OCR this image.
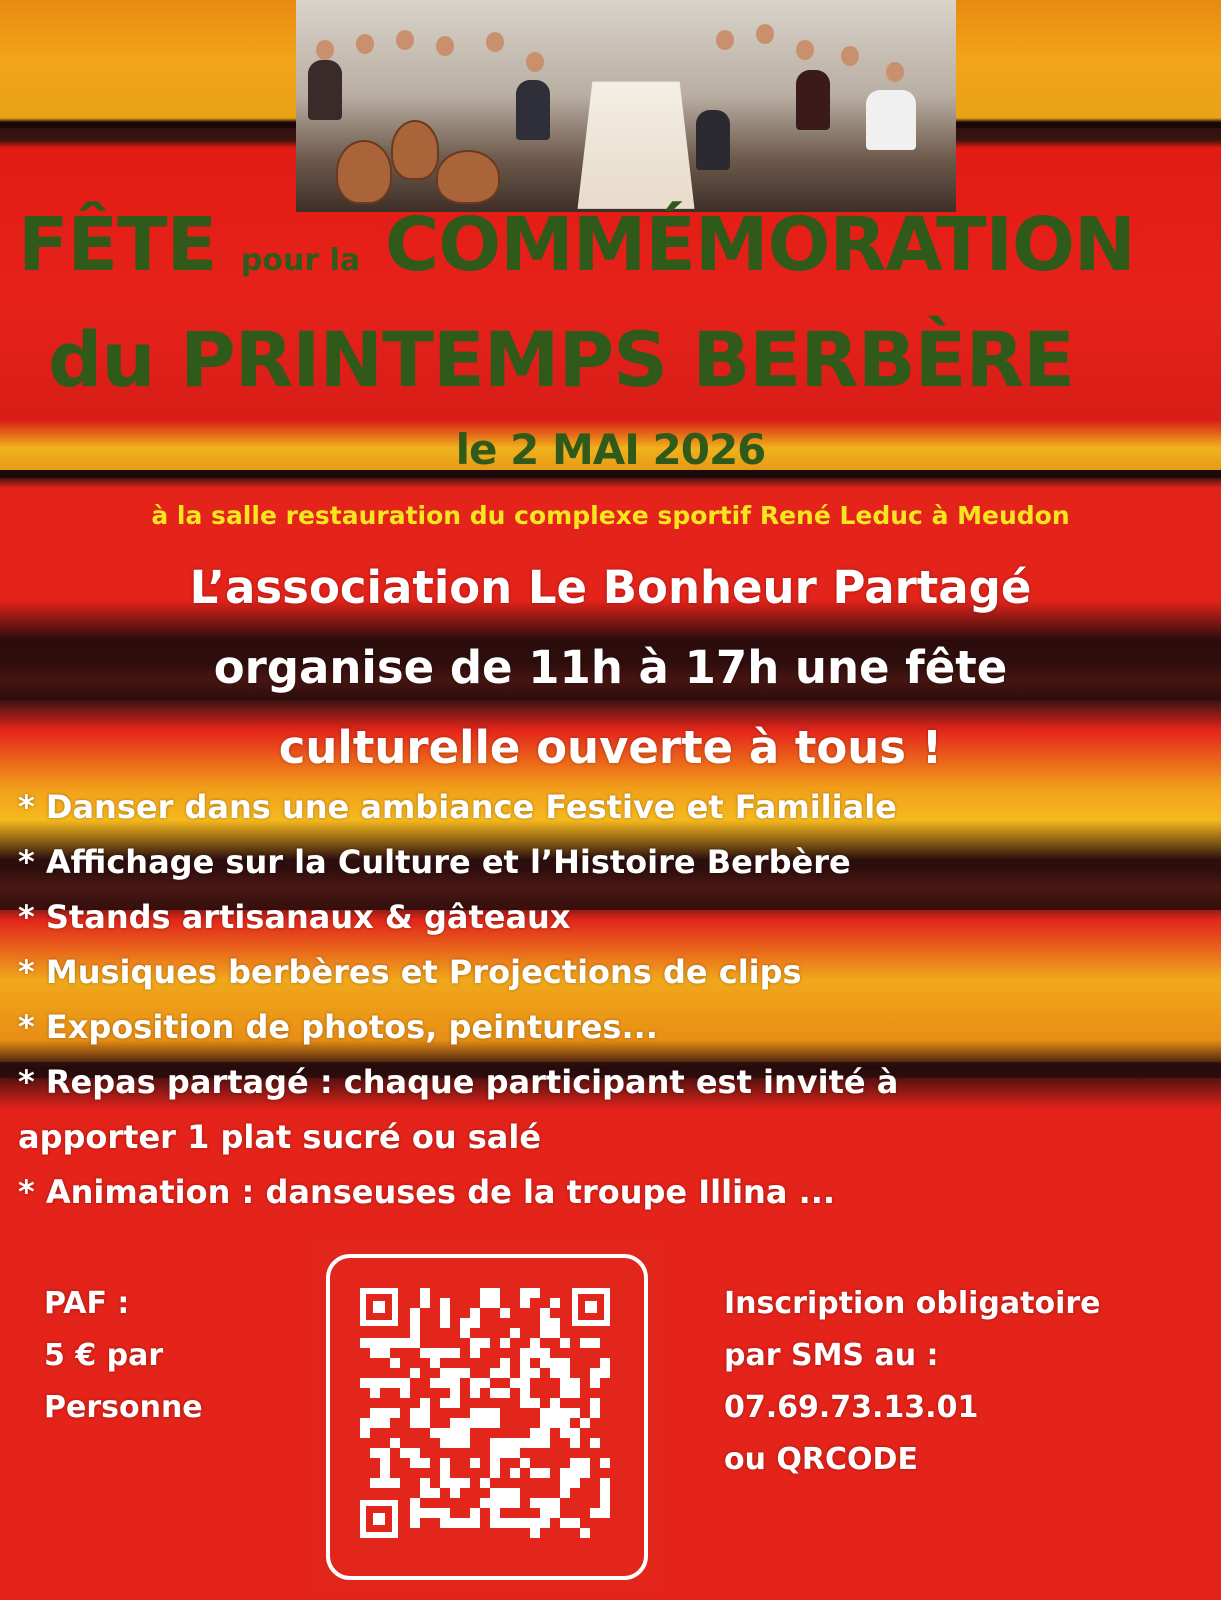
FÊTE pour la COMMÉMORATION
du PRINTEMPS BERBÈRE
le 2 MAI 2026
à la salle restauration du complexe sportif René Leduc à Meudon
L’association Le Bonheur Partagé
organise de 11h à 17h une fête
culturelle ouverte à tous !
* Danser dans une ambiance Festive et Familiale
* Affichage sur la Culture et l’Histoire Berbère
* Stands artisanaux & gâteaux
* Musiques berbères et Projections de clips
* Exposition de photos, peintures...
* Repas partagé : chaque participant est invité à
apporter 1 plat sucré ou salé
* Animation : danseuses de la troupe Illina ...
PAF :
5 € par
Personne
Inscription obligatoire
par SMS au :
07.69.73.13.01
ou QRCODE
